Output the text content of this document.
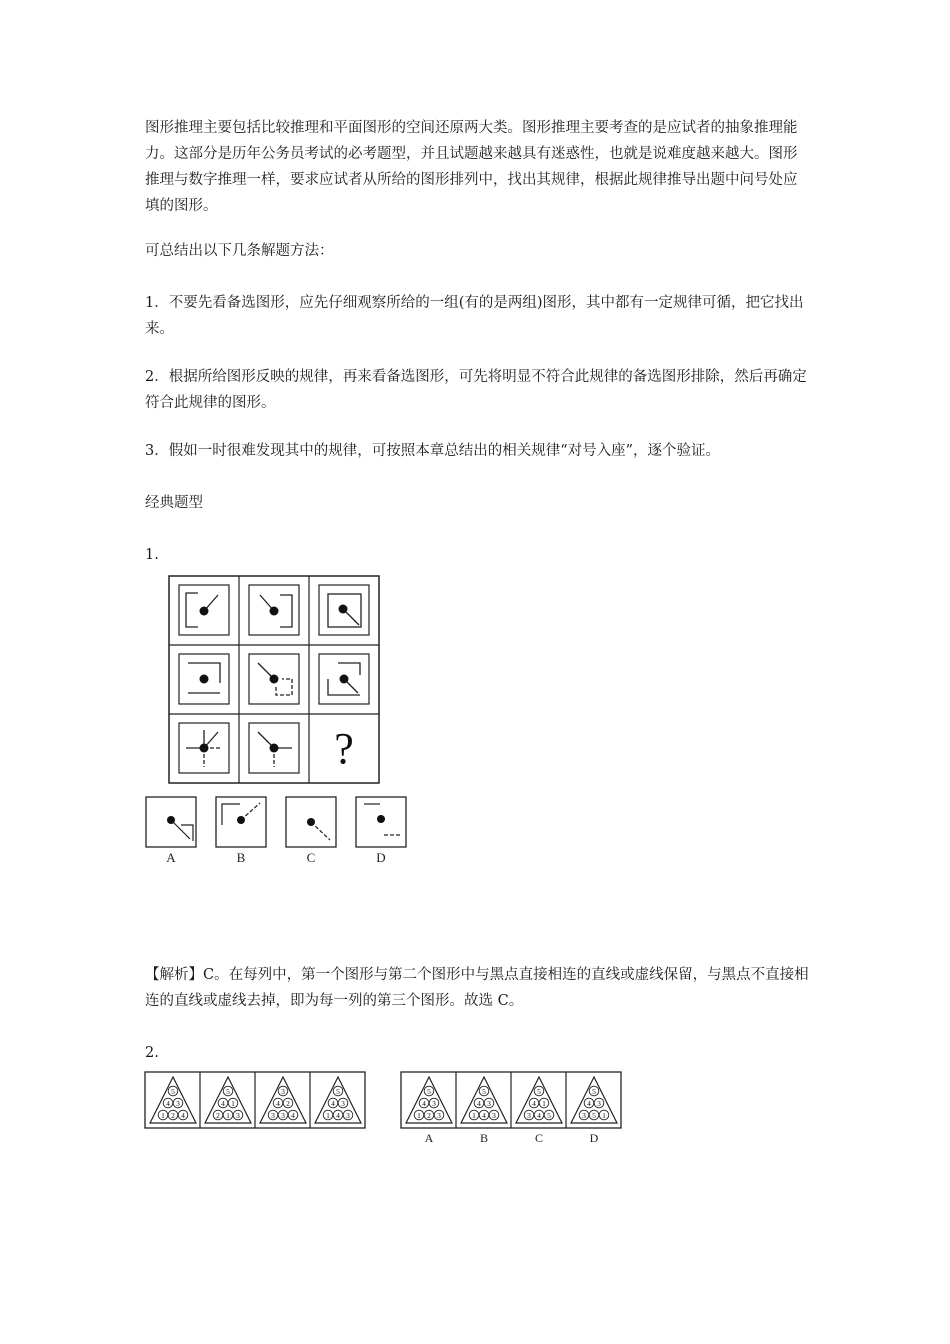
图形推理主要包括比较推理和平面图形的空间还原两大类。图形推理主要考查的是应试者的抽象推理能力。这部分是历年公务员考试的必考题型，并且试题越来越具有迷惑性，也就是说难度越来越大。图形推理与数字推理一样，要求应试者从所给的图形排列中，找出其规律，根据此规律推导出题中问号处应填的图形。

可总结出以下几条解题方法：

1．不要先看备选图形，应先仔细观察所给的一组(有的是两组)图形，其中都有一定规律可循，把它找出来。

2．根据所给图形反映的规律，再来看备选图形，可先将明显不符合此规律的备选图形排除，然后再确定符合此规律的图形。

3．假如一时很难发现其中的规律，可按照本章总结出的相关规律“对号入座”，逐个验证。

经典题型

1.

?
A	B	C	D

【解析】C。在每列中，第一个图形与第二个图形中与黑点直接相连的直线或虚线保留，与黑点不直接相连的直线或虚线去掉，即为每一列的第三个图形。故选 C。

2.

5
4 3
1 2 4
5
4 1
2 1 3
3
4 2
3 3 4
5
4 3
1 4 3
5
4 3
1 2 3
5
4 3
1 4 3
5
4 1
3 4 5
5
4 3
3 5 1
A	B	C	D
